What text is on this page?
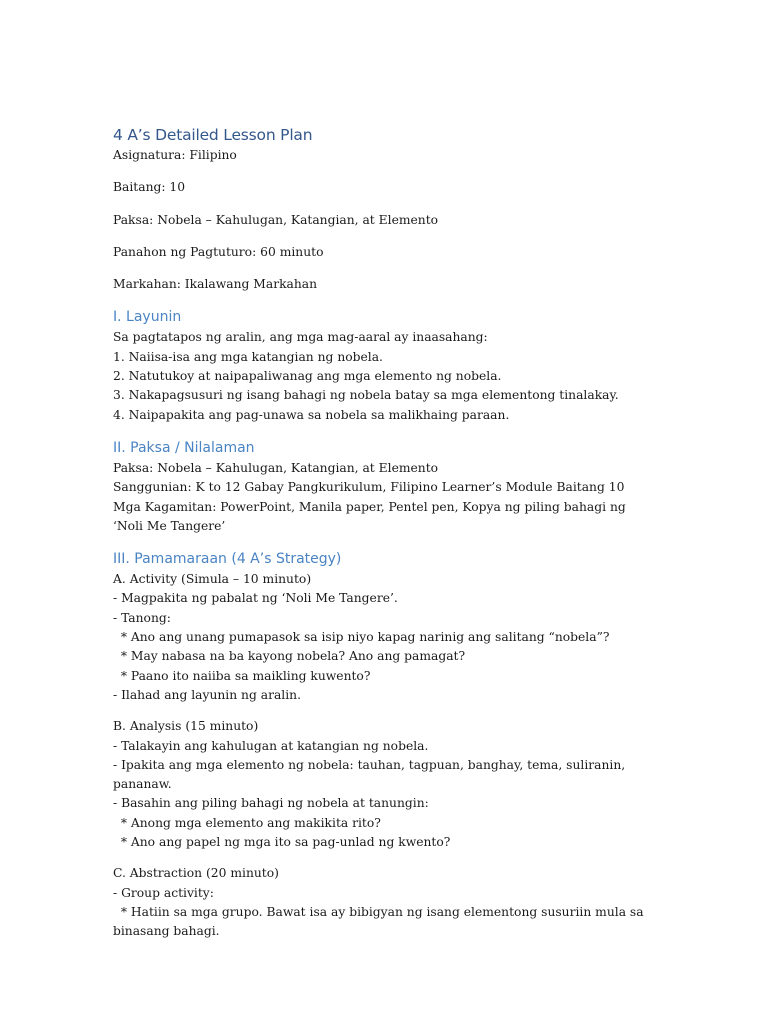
4 A’s Detailed Lesson Plan

Asignatura: Filipino

Baitang: 10

Paksa: Nobela – Kahulugan, Katangian, at Elemento

Panahon ng Pagtuturo: 60 minuto

Markahan: Ikalawang Markahan

I. Layunin

Sa pagtatapos ng aralin, ang mga mag-aaral ay inaasahang:

1. Naiisa-isa ang mga katangian ng nobela.

2. Natutukoy at naipapaliwanag ang mga elemento ng nobela.

3. Nakapagsusuri ng isang bahagi ng nobela batay sa mga elementong tinalakay.

4. Naipapakita ang pag-unawa sa nobela sa malikhaing paraan.

II. Paksa / Nilalaman

Paksa: Nobela – Kahulugan, Katangian, at Elemento

Sanggunian: K to 12 Gabay Pangkurikulum, Filipino Learner’s Module Baitang 10

Mga Kagamitan: PowerPoint, Manila paper, Pentel pen, Kopya ng piling bahagi ng ‘Noli Me Tangere’

III. Pamamaraan (4 A’s Strategy)

A. Activity (Simula – 10 minuto)

- Magpakita ng pabalat ng ‘Noli Me Tangere’.

- Tanong:

* Ano ang unang pumapasok sa isip niyo kapag narinig ang salitang “nobela”?

* May nabasa na ba kayong nobela? Ano ang pamagat?

* Paano ito naiiba sa maikling kuwento?

- Ilahad ang layunin ng aralin.

B. Analysis (15 minuto)

- Talakayin ang kahulugan at katangian ng nobela.

- Ipakita ang mga elemento ng nobela: tauhan, tagpuan, banghay, tema, suliranin, pananaw.

- Basahin ang piling bahagi ng nobela at tanungin:

* Anong mga elemento ang makikita rito?

* Ano ang papel ng mga ito sa pag-unlad ng kwento?

C. Abstraction (20 minuto)

- Group activity:

* Hatiin sa mga grupo. Bawat isa ay bibigyan ng isang elementong susuriin mula sa binasang bahagi.
